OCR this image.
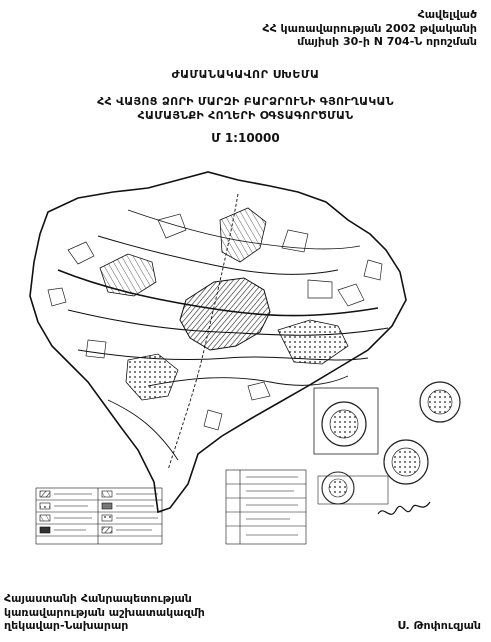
Հավելված
ՀՀ կառավարության 2002 թվականի
մայիսի 30-ի N 704-Ն որոշման
ԺԱՄԱՆԱԿԱՎՈՐ ՍԽԵՄԱ
ՀՀ ՎԱՅՈՑ ՁՈՐԻ ՄԱՐԶԻ ԲԱՐՁՐՈՒՆԻ ԳՅՈՒՂԱԿԱՆ
ՀԱՄԱՅՆՔԻ ՀՈՂԵՐԻ ՕԳՏԱԳՈՐԾՄԱՆ
Մ 1:10000
Հայաստանի Հանրապետության
կառավարության աշխատակազմի
ղեկավար-Նախարար	Ս. Թոփուզյան
